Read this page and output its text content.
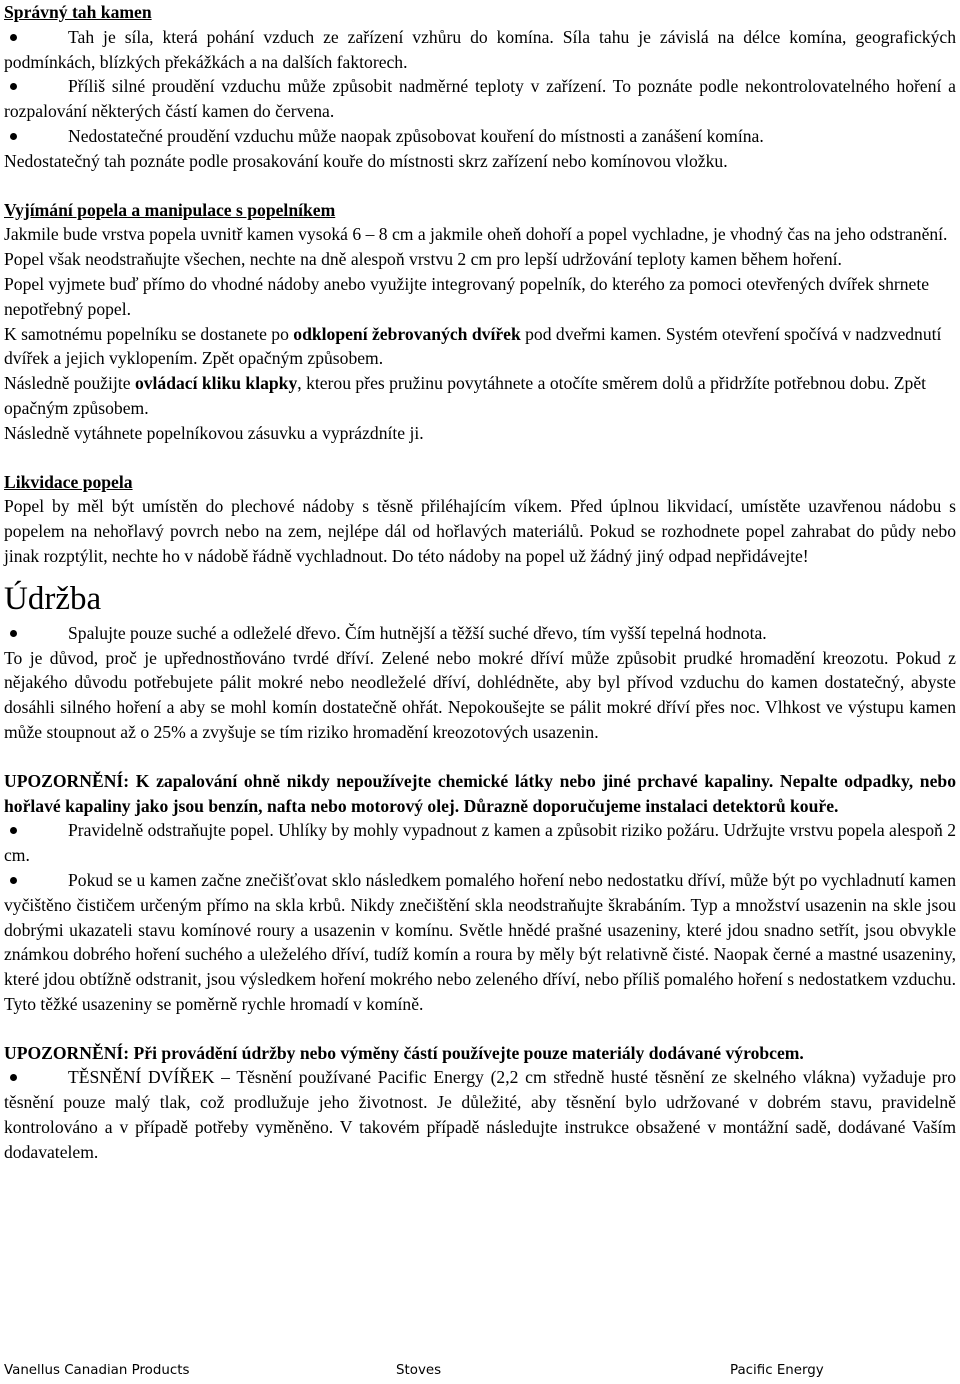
Správný tah kamen

Tah je síla, která pohání vzduch ze zařízení vzhůru do komína. Síla tahu je závislá na délce komína, geografických podmínkách, blízkých překážkách a na dalších faktorech.

Příliš silné proudění vzduchu může způsobit nadměrné teploty v zařízení. To poznáte podle nekontrolovatelného hoření a rozpalování některých částí kamen do červena.

Nedostatečné proudění vzduchu může naopak způsobovat kouření do místnosti a zanášení komína.

Nedostatečný tah poznáte podle prosakování kouře do místnosti skrz zařízení nebo komínovou vložku.

Vyjímání popela a manipulace s popelníkem

Jakmile bude vrstva popela uvnitř kamen vysoká 6 – 8 cm a jakmile oheň dohoří a popel vychladne, je vhodný čas na jeho odstranění. Popel však neodstraňujte všechen, nechte na dně alespoň vrstvu 2 cm pro lepší udržování teploty kamen během hoření.

Popel vyjmete buď přímo do vhodné nádoby anebo využijte integrovaný popelník, do kterého za pomoci otevřených dvířek shrnete nepotřebný popel.

K samotnému popelníku se dostanete po odklopení žebrovaných dvířek pod dveřmi kamen. Systém otevření spočívá v nadzvednutí dvířek a jejich vyklopením. Zpět opačným způsobem.

Následně použijte ovládací kliku klapky, kterou přes pružinu povytáhnete a otočíte směrem dolů a přidržíte potřebnou dobu. Zpět opačným způsobem.

Následně vytáhnete popelníkovou zásuvku a vyprázdníte ji.

Likvidace popela

Popel by měl být umístěn do plechové nádoby s těsně přiléhajícím víkem. Před úplnou likvidací, umístěte uzavřenou nádobu s popelem na nehořlavý povrch nebo na zem, nejlépe dál od hořlavých materiálů. Pokud se rozhodnete popel zahrabat do půdy nebo jinak rozptýlit, nechte ho v nádobě řádně vychladnout. Do této nádoby na popel už žádný jiný odpad nepřidávejte!

Údržba

Spalujte pouze suché a odleželé dřevo. Čím hutnější a těžší suché dřevo, tím vyšší tepelná hodnota.

To je důvod, proč je upřednostňováno tvrdé dříví. Zelené nebo mokré dříví může způsobit prudké hromadění kreozotu. Pokud z nějakého důvodu potřebujete pálit mokré nebo neodleželé dříví, dohlédněte, aby byl přívod vzduchu do kamen dostatečný, abyste dosáhli silného hoření a aby se mohl komín dostatečně ohřát. Nepokoušejte se pálit mokré dříví přes noc. Vlhkost ve výstupu kamen může stoupnout až o 25% a zvyšuje se tím riziko hromadění kreozotových usazenin.

UPOZORNĚNÍ: K zapalování ohně nikdy nepoužívejte chemické látky nebo jiné prchavé kapaliny. Nepalte odpadky, nebo hořlavé kapaliny jako jsou benzín, nafta nebo motorový olej. Důrazně doporučujeme instalaci detektorů kouře.

Pravidelně odstraňujte popel. Uhlíky by mohly vypadnout z kamen a způsobit riziko požáru. Udržujte vrstvu popela alespoň 2 cm.

Pokud se u kamen začne znečišťovat sklo následkem pomalého hoření nebo nedostatku dříví, může být po vychladnutí kamen vyčištěno čističem určeným přímo na skla krbů. Nikdy znečištění skla neodstraňujte škrabáním. Typ a množství usazenin na skle jsou dobrými ukazateli stavu komínové roury a usazenin v komínu. Světle hnědé prašné usazeniny, které jdou snadno setřít, jsou obvykle známkou dobrého hoření suchého a uleželého dříví, tudíž komín a roura by měly být relativně čisté. Naopak černé a mastné usazeniny, které jdou obtížně odstranit, jsou výsledkem hoření mokrého nebo zeleného dříví, nebo příliš pomalého hoření s nedostatkem vzduchu. Tyto těžké usazeniny se poměrně rychle hromadí v komíně.

UPOZORNĚNÍ: Při provádění údržby nebo výměny částí používejte pouze materiály dodávané výrobcem.

TĚSNĚNÍ DVÍŘEK – Těsnění používané Pacific Energy (2,2 cm středně husté těsnění ze skelného vlákna) vyžaduje pro těsnění pouze malý tlak, což prodlužuje jeho životnost. Je důležité, aby těsnění bylo udržované v dobrém stavu, pravidelně kontrolováno a v případě potřeby vyměněno. V takovém případě následujte instrukce obsažené v montážní sadě, dodávané Vaším dodavatelem.

Vanellus Canadian Products	Stoves	Pacific Energy
